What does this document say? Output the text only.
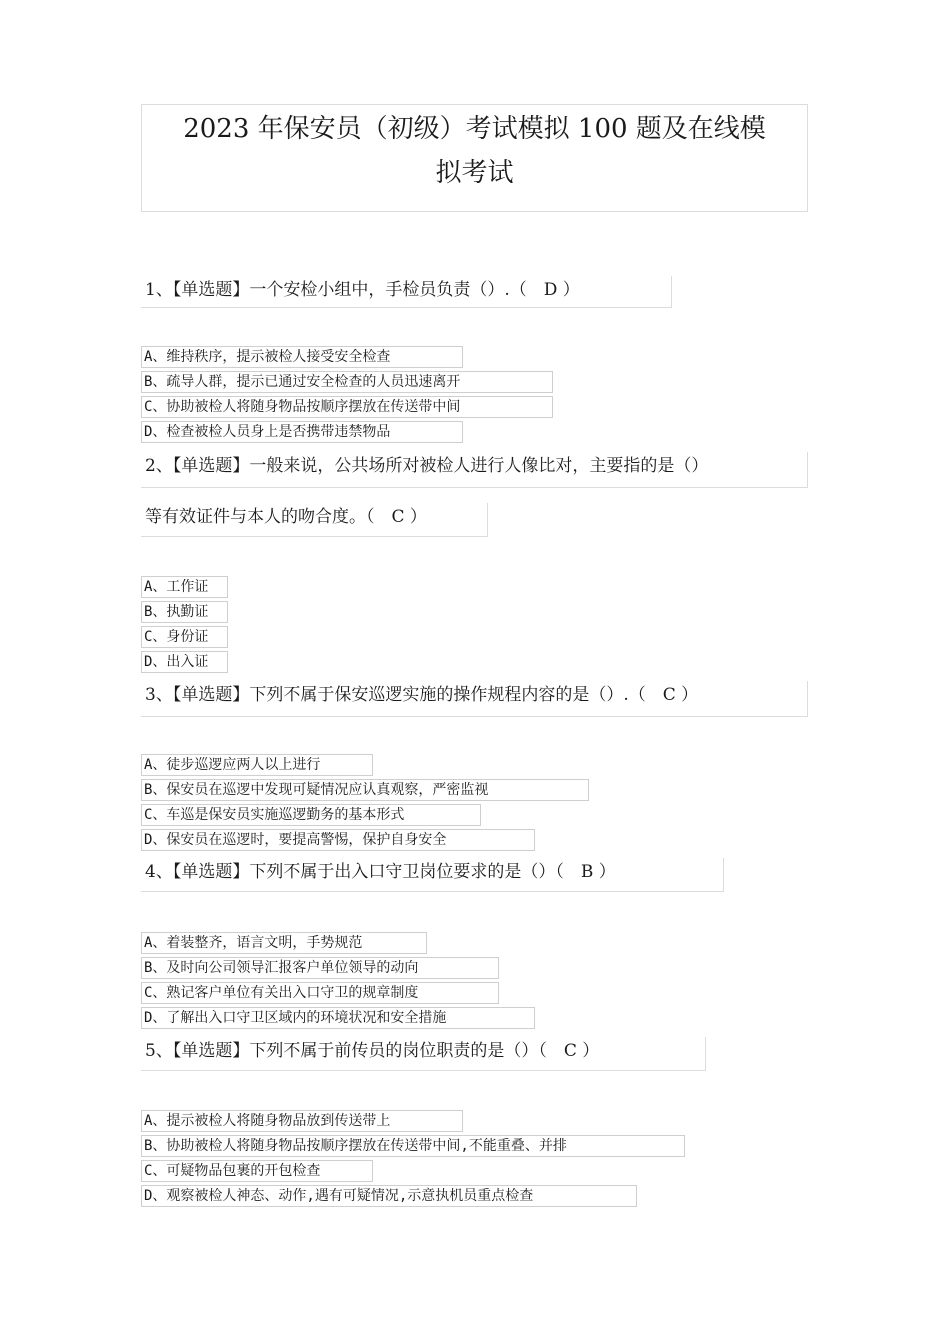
2023 年保安员（初级）考试模拟 100 题及在线模
拟考试
1、【单选题】一个安检小组中，手检员负责（）.（　D ）
A、维持秩序，提示被检人接受安全检查
B、疏导人群，提示已通过安全检查的人员迅速离开
C、协助被检人将随身物品按顺序摆放在传送带中间
D、检查被检人员身上是否携带违禁物品
2、【单选题】一般来说，公共场所对被检人进行人像比对，主要指的是（）
等有效证件与本人的吻合度。（　C ）
A、工作证
B、执勤证
C、身份证
D、出入证
3、【单选题】下列不属于保安巡逻实施的操作规程内容的是（）.（　C ）
A、徒步巡逻应两人以上进行
B、保安员在巡逻中发现可疑情况应认真观察，严密监视
C、车巡是保安员实施巡逻勤务的基本形式
D、保安员在巡逻时，要提高警惕，保护自身安全
4、【单选题】下列不属于出入口守卫岗位要求的是（）（　B ）
A、着装整齐，语言文明，手势规范
B、及时向公司领导汇报客户单位领导的动向
C、熟记客户单位有关出入口守卫的规章制度
D、了解出入口守卫区域内的环境状况和安全措施
5、【单选题】下列不属于前传员的岗位职责的是（）（　C ）
A、提示被检人将随身物品放到传送带上
B、协助被检人将随身物品按顺序摆放在传送带中间,不能重叠、并排
C、可疑物品包裹的开包检查
D、观察被检人神态、动作,遇有可疑情况,示意执机员重点检查
